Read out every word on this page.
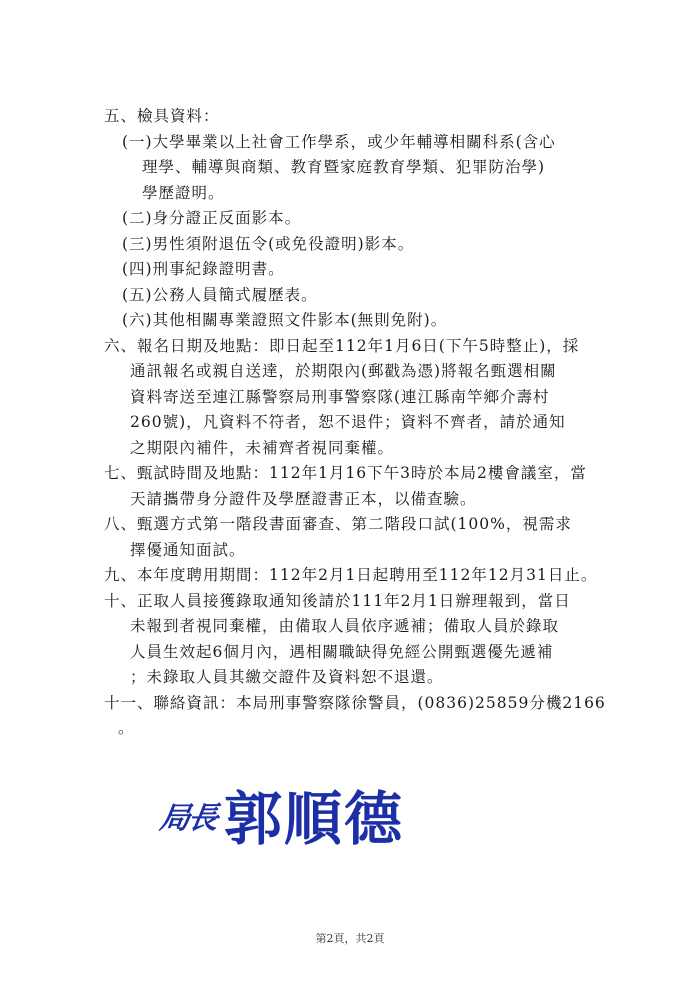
五、檢具資料：
(一)大學畢業以上社會工作學系，或少年輔導相關科系(含心
理學、輔導與商類、教育暨家庭教育學類、犯罪防治學)
學歷證明。
(二)身分證正反面影本。
(三)男性須附退伍令(或免役證明)影本。
(四)刑事紀錄證明書。
(五)公務人員簡式履歷表。
(六)其他相關專業證照文件影本(無則免附)。
六、報名日期及地點：即日起至112年1月6日(下午5時整止)，採
通訊報名或親自送達，於期限內(郵戳為憑)將報名甄選相關
資料寄送至連江縣警察局刑事警察隊(連江縣南竿鄉介壽村
260號)，凡資料不符者，恕不退件；資料不齊者，請於通知
之期限內補件，未補齊者視同棄權。
七、甄試時間及地點：112年1月16下午3時於本局2樓會議室，當
天請攜帶身分證件及學歷證書正本，以備查驗。
八、甄選方式第一階段書面審查、第二階段口試(100%，視需求
擇優通知面試。
九、本年度聘用期間：112年2月1日起聘用至112年12月31日止。
十、正取人員接獲錄取通知後請於111年2月1日辦理報到，當日
未報到者視同棄權，由備取人員依序遞補；備取人員於錄取
人員生效起6個月內，遇相關職缺得免經公開甄選優先遞補
；未錄取人員其繳交證件及資料恕不退還。
十一、聯絡資訊：本局刑事警察隊徐警員，(0836)25859分機2166
。
局長 郭順德
第2頁，共2頁
